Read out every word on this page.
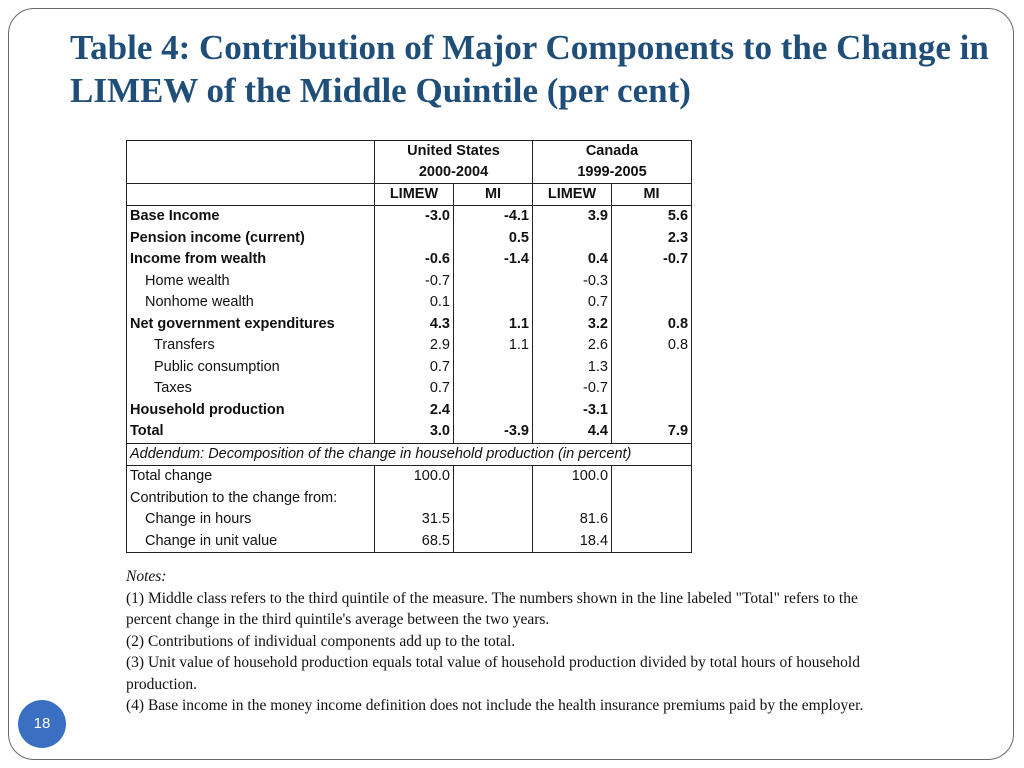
Table 4: Contribution of Major Components to the Change in LIMEW of the Middle Quintile (per cent)
	United States		Canada	
	2000-2004		1999-2005	
	LIMEW	MI	LIMEW	MI
Base Income	-3.0	-4.1	3.9	5.6
Pension income (current)		0.5		2.3
Income from wealth	-0.6	-1.4	0.4	-0.7
Home wealth	-0.7		-0.3	
Nonhome wealth	0.1		0.7	
Net government expenditures	4.3	1.1	3.2	0.8
Transfers	2.9	1.1	2.6	0.8
Public consumption	0.7		1.3	
Taxes	0.7		-0.7	
Household production	2.4		-3.1	
Total	3.0	-3.9	4.4	7.9
Addendum: Decomposition of the change in household production (in percent)				
Total change	100.0		100.0	
Contribution to the change from:				
Change in hours	31.5		81.6	
Change in unit value	68.5		18.4	

Notes:

(1) Middle class refers to the third quintile of the measure. The numbers shown in the line labeled "Total" refers to the percent change in the third quintile's average between the two years.

(2) Contributions of individual components add up to the total.

(3) Unit value of household production equals total value of household production divided by total hours of household production.

(4) Base income in the money income definition does not include the health insurance premiums paid by the employer.

18
